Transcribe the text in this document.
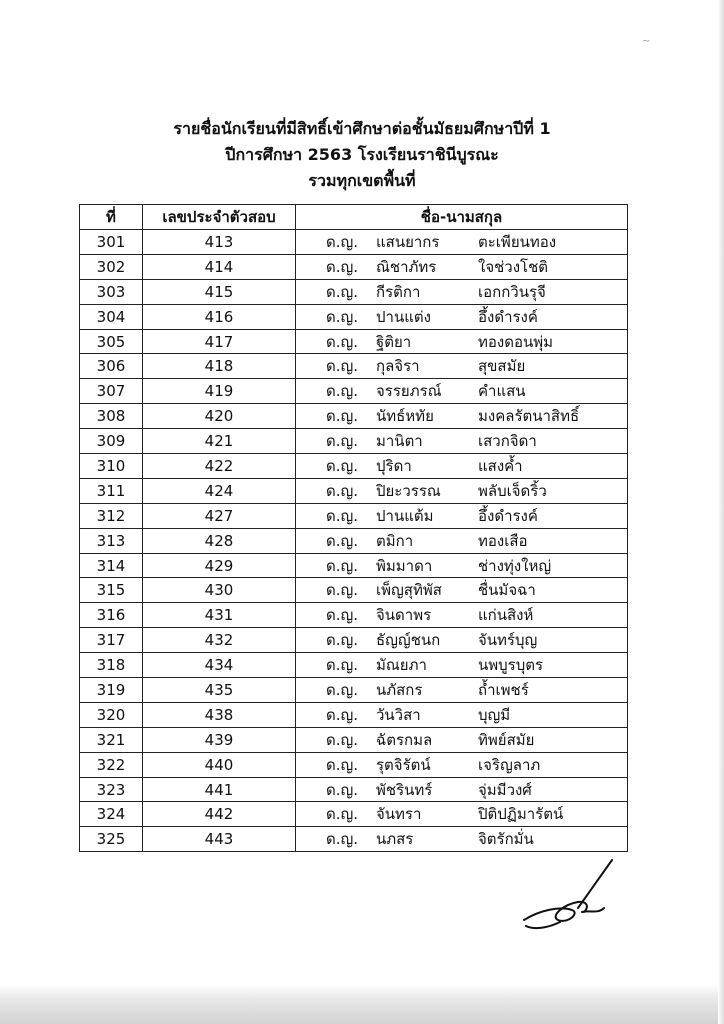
~
รายชื่อนักเรียนที่มีสิทธิ์เข้าศึกษาต่อชั้นมัธยมศึกษาปีที่ 1
ปีการศึกษา 2563 โรงเรียนราชินีบูรณะ
รวมทุกเขตพื้นที่
ที่	เลขประจำตัวสอบ	ชื่อ-นามสกุล
301	413	ด.ญ. แสนยากร ตะเพียนทอง

302	414	ด.ญ. ณิชาภัทร ใจช่วงโชติ

303	415	ด.ญ. กีรติกา เอกกวินรุจี

304	416	ด.ญ. ปานแต่ง อึ้งดำรงค์

305	417	ด.ญ. ฐิติยา ทองดอนพุ่ม

306	418	ด.ญ. กุลจิรา สุขสมัย

307	419	ด.ญ. จรรยภรณ์ คำแสน

308	420	ด.ญ. นัทธ์หทัย มงคลรัตนาสิทธิ์

309	421	ด.ญ. มานิตา เสวกจิดา

310	422	ด.ญ. ปุริดา แสงค้ำ

311	424	ด.ญ. ปิยะวรรณ พลับเจ็ดริ้ว

312	427	ด.ญ. ปานแต้ม อึ้งดำรงค์

313	428	ด.ญ. ตมิกา ทองเสือ

314	429	ด.ญ. พิมมาดา ช่างทุ่งใหญ่

315	430	ด.ญ. เพ็ญสุทิพัส ชื่นมัจฉา

316	431	ด.ญ. จินดาพร แก่นสิงห์

317	432	ด.ญ. ธัญญ์ชนก จันทร์บุญ

318	434	ด.ญ. มัณยภา นพบูรบุตร

319	435	ด.ญ. นภัสกร ถ้ำเพชร์

320	438	ด.ญ. วันวิสา บุญมี

321	439	ด.ญ. ฉัตรกมล ทิพย์สมัย

322	440	ด.ญ. รุตจิรัตน์ เจริญลาภ

323	441	ด.ญ. พัชรินทร์ จุ่มมีวงศ์

324	442	ด.ญ. จันทรา ปิติปฏิมารัตน์

325	443	ด.ญ. นภสร จิตรักมั่น
